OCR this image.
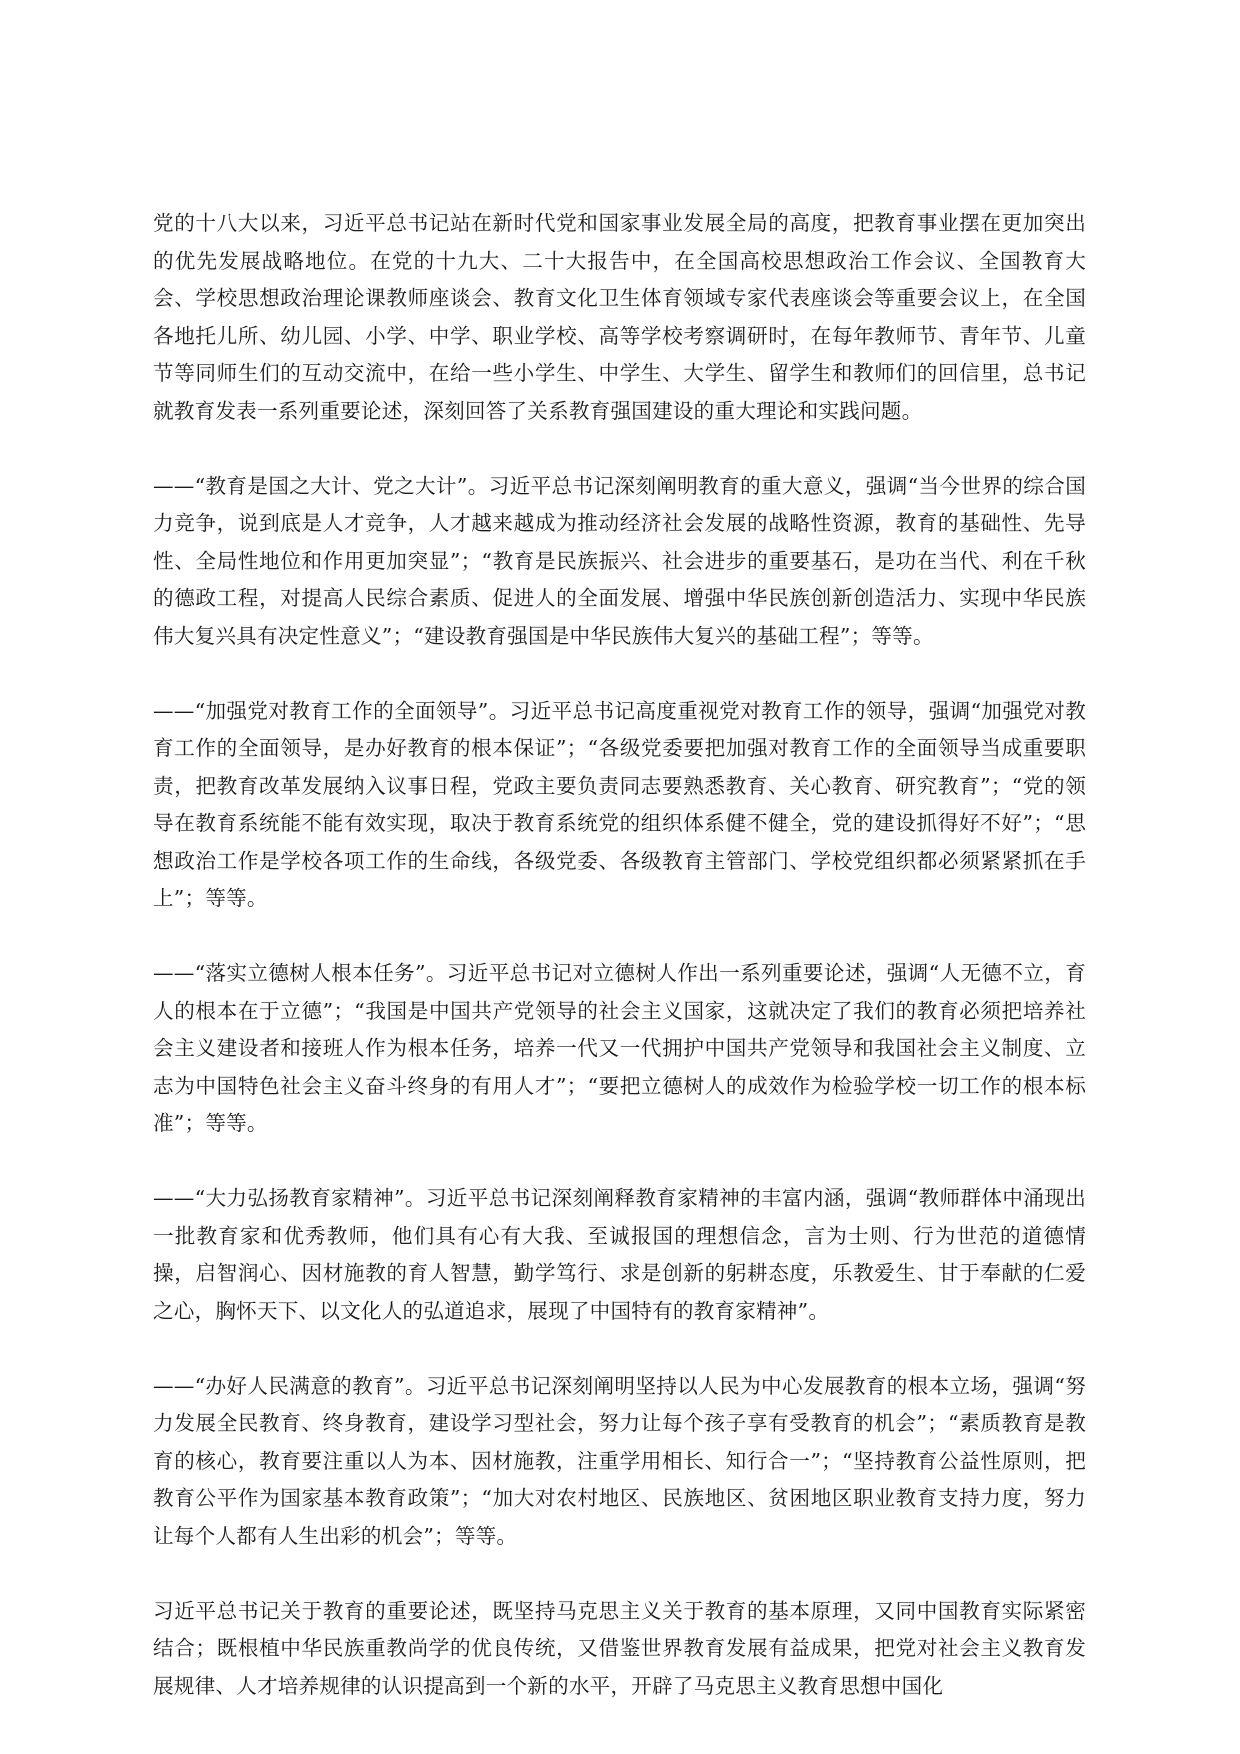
党的十八大以来，习近平总书记站在新时代党和国家事业发展全局的高度，把教育事业摆在更加突出的优先发展战略地位。在党的十九大、二十大报告中，在全国高校思想政治工作会议、全国教育大会、学校思想政治理论课教师座谈会、教育文化卫生体育领域专家代表座谈会等重要会议上，在全国各地托儿所、幼儿园、小学、中学、职业学校、高等学校考察调研时，在每年教师节、青年节、儿童节等同师生们的互动交流中，在给一些小学生、中学生、大学生、留学生和教师们的回信里，总书记就教育发表一系列重要论述，深刻回答了关系教育强国建设的重大理论和实践问题。

——“教育是国之大计、党之大计”。习近平总书记深刻阐明教育的重大意义，强调“当今世界的综合国力竞争，说到底是人才竞争，人才越来越成为推动经济社会发展的战略性资源，教育的基础性、先导性、全局性地位和作用更加突显”；“教育是民族振兴、社会进步的重要基石，是功在当代、利在千秋的德政工程，对提高人民综合素质、促进人的全面发展、增强中华民族创新创造活力、实现中华民族伟大复兴具有决定性意义”；“建设教育强国是中华民族伟大复兴的基础工程”；等等。

——“加强党对教育工作的全面领导”。习近平总书记高度重视党对教育工作的领导，强调“加强党对教育工作的全面领导，是办好教育的根本保证”；“各级党委要把加强对教育工作的全面领导当成重要职责，把教育改革发展纳入议事日程，党政主要负责同志要熟悉教育、关心教育、研究教育”；“党的领导在教育系统能不能有效实现，取决于教育系统党的组织体系健不健全，党的建设抓得好不好”；“思想政治工作是学校各项工作的生命线，各级党委、各级教育主管部门、学校党组织都必须紧紧抓在手上”；等等。

——“落实立德树人根本任务”。习近平总书记对立德树人作出一系列重要论述，强调“人无德不立，育人的根本在于立德”；“我国是中国共产党领导的社会主义国家，这就决定了我们的教育必须把培养社会主义建设者和接班人作为根本任务，培养一代又一代拥护中国共产党领导和我国社会主义制度、立志为中国特色社会主义奋斗终身的有用人才”；“要把立德树人的成效作为检验学校一切工作的根本标准”；等等。

——“大力弘扬教育家精神”。习近平总书记深刻阐释教育家精神的丰富内涵，强调“教师群体中涌现出一批教育家和优秀教师，他们具有心有大我、至诚报国的理想信念，言为士则、行为世范的道德情操，启智润心、因材施教的育人智慧，勤学笃行、求是创新的躬耕态度，乐教爱生、甘于奉献的仁爱之心，胸怀天下、以文化人的弘道追求，展现了中国特有的教育家精神”。

——“办好人民满意的教育”。习近平总书记深刻阐明坚持以人民为中心发展教育的根本立场，强调“努力发展全民教育、终身教育，建设学习型社会，努力让每个孩子享有受教育的机会”；“素质教育是教育的核心，教育要注重以人为本、因材施教，注重学用相长、知行合一”；“坚持教育公益性原则，把教育公平作为国家基本教育政策”；“加大对农村地区、民族地区、贫困地区职业教育支持力度，努力让每个人都有人生出彩的机会”；等等。

习近平总书记关于教育的重要论述，既坚持马克思主义关于教育的基本原理，又同中国教育实际紧密结合；既根植中华民族重教尚学的优良传统，又借鉴世界教育发展有益成果，把党对社会主义教育发展规律、人才培养规律的认识提高到一个新的水平，开辟了马克思主义教育思想中国化
